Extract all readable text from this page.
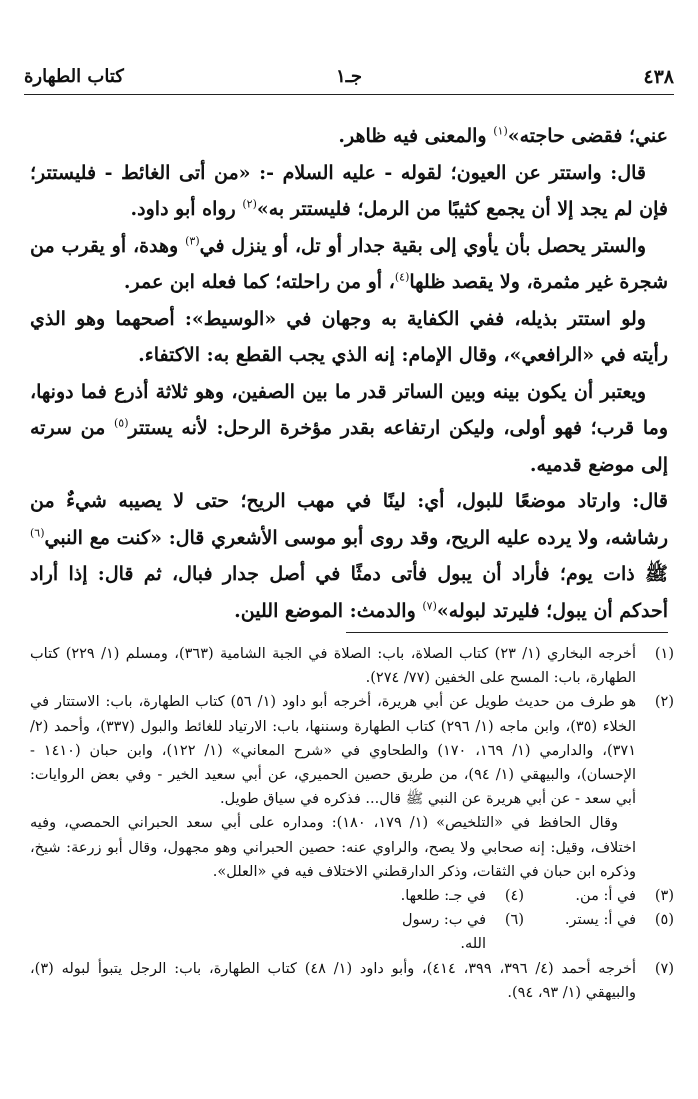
٤٣٨
جـ١
كتاب الطهارة

عني؛ فقضى حاجته»$^{(١)}$ والمعنى فيه ظاهر.

قال: واستتر عن العيون؛ لقوله - عليه السلام -: «من أتى الغائط - فليستتر؛ فإن لم يجد إلا أن يجمع كثيبًا من الرمل؛ فليستتر به»$^{(٢)}$ رواه أبو داود.

والستر يحصل بأن يأوي إلى بقية جدار أو تل، أو ينزل في$^{(٣)}$ وهدة، أو يقرب من شجرة غير مثمرة، ولا يقصد ظلها$^{(٤)}$، أو من راحلته؛ كما فعله ابن عمر.

ولو استتر بذيله، ففي الكفاية به وجهان في «الوسيط»: أصحهما وهو الذي رأيته في «الرافعي»، وقال الإمام: إنه الذي يجب القطع به: الاكتفاء.

ويعتبر أن يكون بينه وبين الساتر قدر ما بين الصفين، وهو ثلاثة أذرع فما دونها، وما قرب؛ فهو أولى، وليكن ارتفاعه بقدر مؤخرة الرحل: لأنه يستتر$^{(٥)}$ من سرته إلى موضع قدميه.

قال: وارتاد موضعًا للبول، أي: لينًا في مهب الريح؛ حتى لا يصيبه شيءٌ من رشاشه، ولا يرده عليه الريح، وقد روى أبو موسى الأشعري قال: «كنت مع النبي$^{(٦)}$ ﷺ ذات يوم؛ فأراد أن يبول فأتى دمثًا في أصل جدار فبال، ثم قال: إذا أراد أحدكم أن يبول؛ فليرتد لبوله»$^{(٧)}$ والدمث: الموضع اللين.

(١)
أخرجه البخاري (١/ ٢٣) كتاب الصلاة، باب: الصلاة في الجبة الشامية (٣٦٣)، ومسلم (١/ ٢٢٩) كتاب الطهارة، باب: المسح على الخفين (٧٧/ ٢٧٤).
(٢)
هو طرف من حديث طويل عن أبي هريرة، أخرجه أبو داود (١/ ٥٦) كتاب الطهارة، باب: الاستتار في الخلاء (٣٥)، وابن ماجه (١/ ٢٩٦) كتاب الطهارة وسننها، باب: الارتياد للغائط والبول (٣٣٧)، وأحمد (٢/ ٣٧١)، والدارمي (١/ ١٦٩، ١٧٠) والطحاوي في «شرح المعاني» (١/ ١٢٢)، وابن حبان (١٤١٠ - الإحسان)، والبيهقي (١/ ٩٤)، من طريق حصين الحميري، عن أبي سعيد الخير - وفي بعض الروايات: أبي سعد - عن أبي هريرة عن النبي ﷺ قال... فذكره في سياق طويل.
وقال الحافظ في «التلخيص» (١/ ١٧٩، ١٨٠): ومداره على أبي سعد الحبراني الحمصي، وفيه اختلاف، وقيل: إنه صحابي ولا يصح، والراوي عنه: حصين الحبراني وهو مجهول، وقال أبو زرعة: شيخ، وذكره ابن حبان في الثقات، وذكر الدارقطني الاختلاف فيه في «العلل».
(٣)
في أ: من.
(٤)
في جـ: طلعها.
(٥)
في أ: يستر.
(٦)
في ب: رسول الله.
(٧)
أخرجه أحمد (٤/ ٣٩٦، ٣٩٩، ٤١٤)، وأبو داود (١/ ٤٨) كتاب الطهارة، باب: الرجل يتبوأ لبوله (٣)، والبيهقي (١/ ٩٣، ٩٤).
